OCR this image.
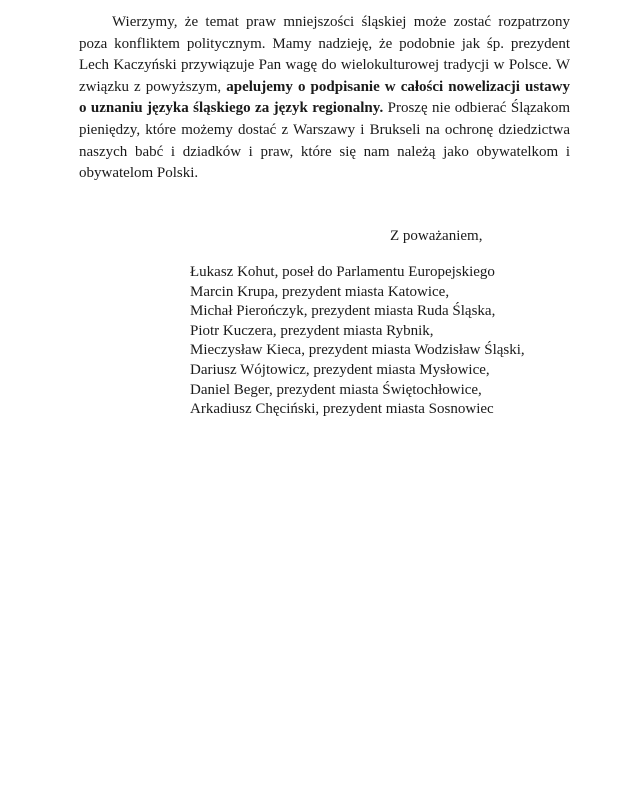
Wierzymy, że temat praw mniejszości śląskiej może zostać rozpatrzony
poza konfliktem politycznym. Mamy nadzieję, że podobnie jak śp. prezydent
Lech Kaczyński przywiązuje Pan wagę do wielokulturowej tradycji w Polsce. W
związku z powyższym, apelujemy o podpisanie w całości nowelizacji ustawy
o uznaniu języka śląskiego za język regionalny. Proszę nie odbierać Ślązakom
pieniędzy, które możemy dostać z Warszawy i Brukseli na ochronę dziedzictwa
naszych babć i dziadków i praw, które się nam należą jako obywatelkom i
obywatelom Polski.
Z poważaniem,
Łukasz Kohut, poseł do Parlamentu Europejskiego
Marcin Krupa, prezydent miasta Katowice,
Michał Pierończyk, prezydent miasta Ruda Śląska,
Piotr Kuczera, prezydent miasta Rybnik,
Mieczysław Kieca, prezydent miasta Wodzisław Śląski,
Dariusz Wójtowicz, prezydent miasta Mysłowice,
Daniel Beger, prezydent miasta Świętochłowice,
Arkadiusz Chęciński, prezydent miasta Sosnowiec
